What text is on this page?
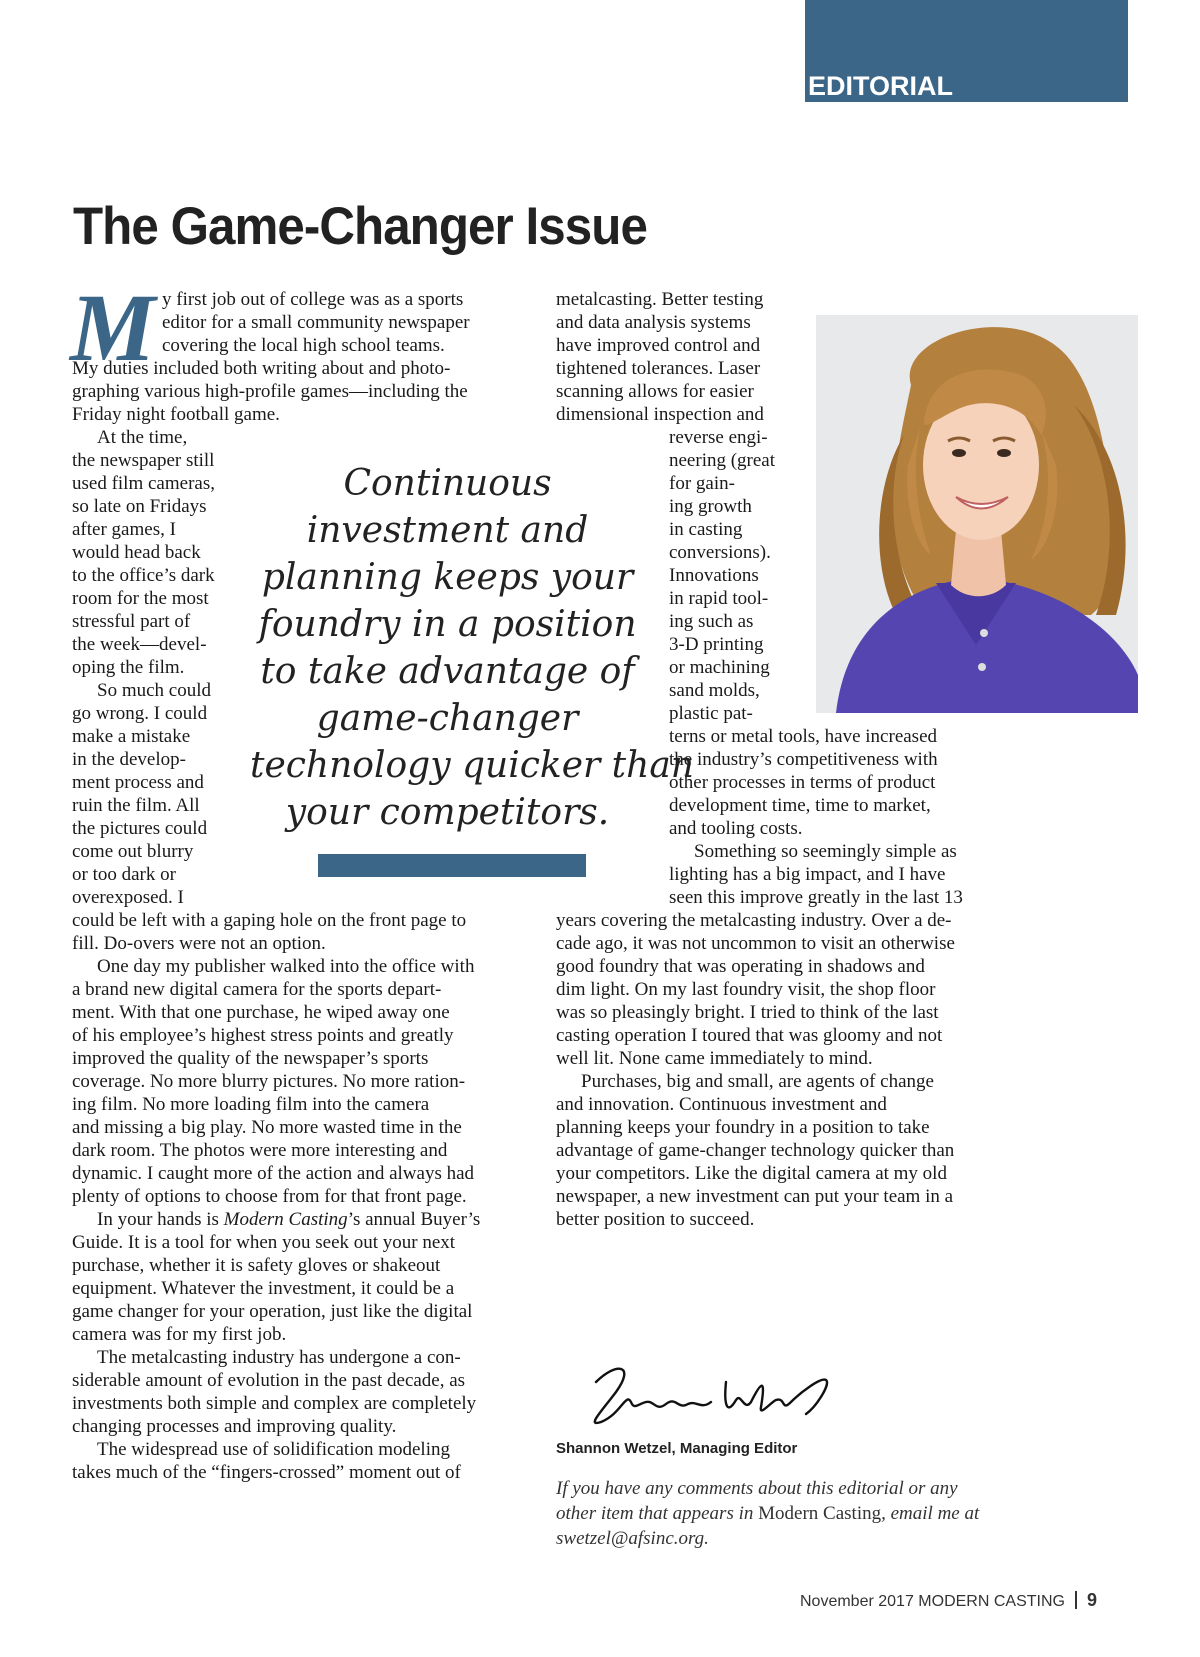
EDITORIAL
The Game-Changer Issue
M y first job out of college was as a sports
editor for a small community newspaper
covering the local high school teams.
My duties included both writing about and photo-
graphing various high-profile games—including the
Friday night football game.
At the time,
the newspaper still
used film cameras,
so late on Fridays
after games, I
would head back
to the office’s dark
room for the most
stressful part of
the week—devel-
oping the film.
So much could
go wrong. I could
make a mistake
in the develop-
ment process and
ruin the film. All
the pictures could
come out blurry
or too dark or
overexposed. I
could be left with a gaping hole on the front page to
fill. Do-overs were not an option.
One day my publisher walked into the office with
a brand new digital camera for the sports depart-
ment. With that one purchase, he wiped away one
of his employee’s highest stress points and greatly
improved the quality of the newspaper’s sports
coverage. No more blurry pictures. No more ration-
ing film. No more loading film into the camera
and missing a big play. No more wasted time in the
dark room. The photos were more interesting and
dynamic. I caught more of the action and always had
plenty of options to choose from for that front page.
In your hands is Modern Casting’s annual Buyer’s
Guide. It is a tool for when you seek out your next
purchase, whether it is safety gloves or shakeout
equipment. Whatever the investment, it could be a
game changer for your operation, just like the digital
camera was for my first job.
The metalcasting industry has undergone a con-
siderable amount of evolution in the past decade, as
investments both simple and complex are completely
changing processes and improving quality.
The widespread use of solidification modeling
takes much of the “fingers-crossed” moment out of
metalcasting. Better testing
and data analysis systems
have improved control and
tightened tolerances. Laser
scanning allows for easier
dimensional inspection and
reverse engi-
neering (great
for gain-
ing growth
in casting
conversions).
Innovations
in rapid tool-
ing such as
3-D printing
or machining
sand molds,
plastic pat-
terns or metal tools, have increased
the industry’s competitiveness with
other processes in terms of product
development time, time to market,
and tooling costs.
Something so seemingly simple as
lighting has a big impact, and I have
seen this improve greatly in the last 13
years covering the metalcasting industry. Over a de-
cade ago, it was not uncommon to visit an otherwise
good foundry that was operating in shadows and
dim light. On my last foundry visit, the shop floor
was so pleasingly bright. I tried to think of the last
casting operation I toured that was gloomy and not
well lit. None came immediately to mind.
Purchases, big and small, are agents of change
and innovation. Continuous investment and
planning keeps your foundry in a position to take
advantage of game-changer technology quicker than
your competitors. Like the digital camera at my old
newspaper, a new investment can put your team in a
better position to succeed.
Continuous
investment and
planning keeps your
foundry in a position
to take advantage of
game-changer
technology quicker than
your competitors.
Shannon Wetzel, Managing Editor
If you have any comments about this editorial or any
other item that appears in Modern Casting, email me at
swetzel@afsinc.org.
November 2017 MODERN CASTING 9
